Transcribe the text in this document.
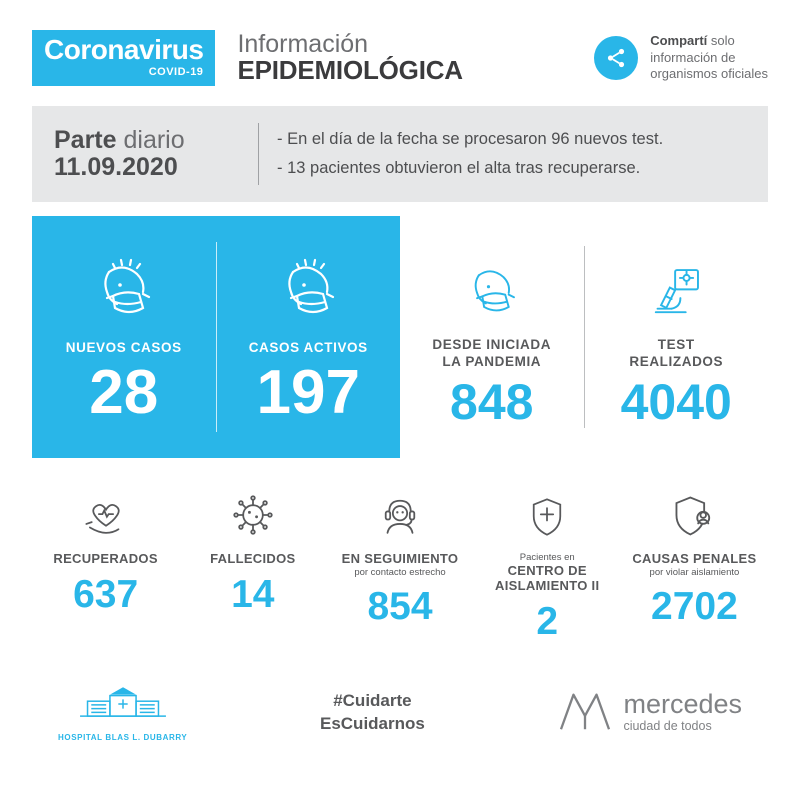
Coronavirus
COVID-19
Información
EPIDEMIOLÓGICA
Compartí solo
información de
organismos oficiales
Parte diario
11.09.2020
- En el día de la fecha se procesaron 96 nuevos test.
- 13 pacientes obtuvieron el alta tras recuperarse.
NUEVOS CASOS
28
CASOS ACTIVOS
197
DESDE INICIADA
LA PANDEMIA
848
TEST
REALIZADOS
4040
RECUPERADOS
637
FALLECIDOS
14
EN SEGUIMIENTO
por contacto estrecho
854
Pacientes en
CENTRO DE
AISLAMIENTO II
2
CAUSAS PENALES
por violar aislamiento
2702
HOSPITAL BLAS L. DUBARRY
#Cuidarte
EsCuidarnos
mercedes
ciudad de todos
